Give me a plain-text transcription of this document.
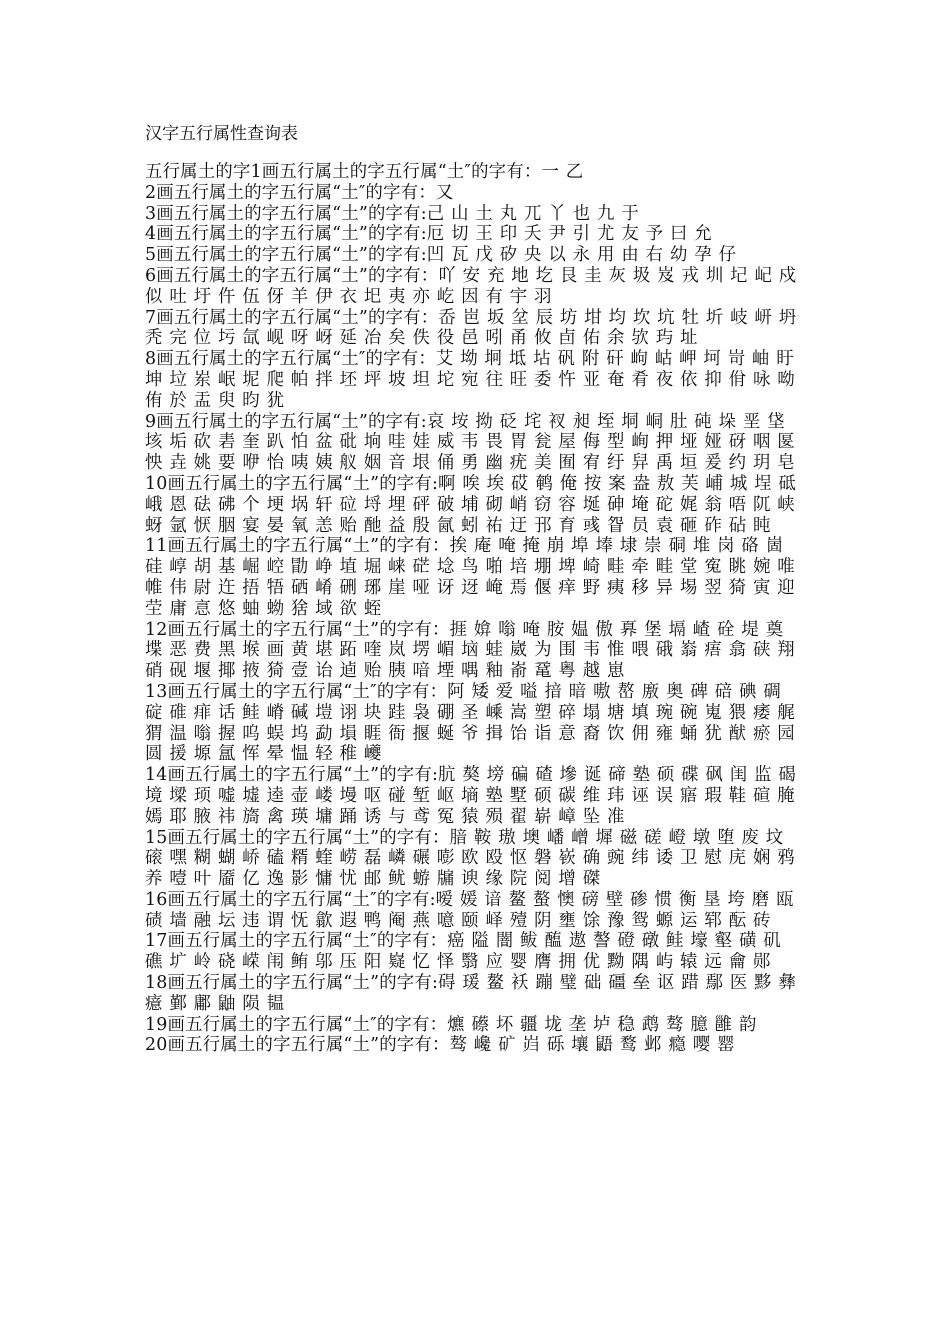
汉字五行属性查询表

五行属土的字1画五行属土的字五行属“土″的字有：一 乙

2画五行属土的字五行属“土″的字有：又

3画五行属土的字五行属“土”的字有:己 山 土 丸 兀 丫 也 九 于

4画五行属土的字五行属“土”的字有:厄 切 王 印 夭 尹 引 尤 友 予 曰 允

5画五行属土的字五行属“土”的字有:凹 瓦 戊 矽 央 以 永 用 由 右 幼 孕 仔

6画五行属土的字五行属“土”的字有：吖 安 充 地 圪 艮 圭 灰 圾 岌 戎 圳 圮 屺 戍 似 吐 圩 仵 伍 伢 羊 伊 衣 圯 夷 亦 屹 因 有 宇 羽

7画五行属土的字五行属“土”的字有：岙 岜 坂 坌 辰 坊 坩 均 坎 坑 牡 圻 岐 岍 坍 秃 完 位 圬 氙 岘 呀 岈 延 冶 矣 佚 役 邑 吲 甬 攸 卣 佑 余 欤 玙 址

8画五行属土的字五行属“土″的字有：艾 坳 坰 坻 坫 矾 附 矸 岣 岵 岬 坷 岢 岫 盱 坤 垃 岽 岷 坭 爬 帕 拌 坯 坪 坡 坦 坨 宛 往 旺 委 忤 亚 奄 肴 夜 依 抑 佾 咏 呦 侑 於 盂 臾 昀 犹

9画五行属土的字五行属“土”的字有:哀 垵 拗 砭 垞 衩 昶 垤 垌 峒 肚 砘 垛 垩 垡 垓 垢 砍 砉 奎 趴 怕 盆 砒 垧 哇 娃 威 韦 畏 胃 瓮 屋 侮 型 峋 押 垭 娅 砑 咽 匽 怏 垚 姚 要 咿 怡 咦 姨 舣 姻 音 垠 俑 勇 幽 疣 美 囿 宥 纡 舁 禹 垣 爰 约 玥 皂

10画五行属土的字五行属“土”的字有:啊 唉 埃 砹 鹌 俺 按 案 盎 敖 芙 峬 城 埕 砥 峨 恩 砝 砩 个 埂 埚 轩 砬 埒 埋 砰 破 埔 砌 峭 窃 容 埏 砷 埯 砣 娓 翁 唔 阢 峡 蚜 氩 恹 胭 宴 晏 氧 恙 贻 酏 益 殷 氤 蚓 祐 迂 邘 育 彧 眢 员 袁 砸 砟 砧 盹

11画五行属土的字五行属“土”的字有：挨 庵 唵 掩 崩 埠 埲 埭 崇 硐 堆 岗 硌 崮 硅 崞 胡 基 崛 崆 勖 峥 埴 堀 崃 硭 埝 鸟 啪 培 堋 埤 崎 畦 牵 畦 堂 寃 眺 婉 唯 帷 伟 尉 迕 捂 牾 硒 崤 硎 琊 崖 哑 讶 迓 崦 焉 偃 痒 野 痍 移 异 埸 翌 猗 寅 迎 茔 庸 悥 悠 蚰 蚴 猞 域 欲 蛭

12画五行属土的字五行属“土”的字有：捱 媕 嗡 唵 胺 媪 傲 奡 堡 塥 嵖 硂 堤 奠 堞 恶 费 黑 堠 画 黄 堪 跖 喹 岚 塄 嵋 垴 蛙 崴 为 围 韦 惟 喂 硪 嵡 痦 翕 硖 翔 硝 砚 堰 揶 掖 猗 壹 诒 逌 贻 胰 喑 堙 喁 釉 嵛 鼋 粤 越 崽

13画五行属土的字五行属“土″的字有：阿 矮 爱 嗌 揞 暗 嗷 嶅 廒 奥 碑 碚 碘 碉 碇 碓 痱 话 鲑 嵴 碱 塏 诩 块 跬 袅 硼 圣 嵊 嵩 塑 碎 塌 塘 填 琬 碗 嵬 猥 痿 艉 猬 温 嗡 握 呜 蜈 坞 勐 塤 睚 衙 揠 蜒 爷 揖 饴 诣 意 裔 饮 佣 雍 蛹 犹 猷 瘀 园 圆 援 塬 氲 恽 晕 愠 轻 稚 巙

14画五行属土的字五行属“土”的字有:肮 獒 塝 碥 碴 墋 诞 碲 塾 硕 碟 砜 闺 监 碣 境 墚 顼 嘘 墟 逵 壶 嵝 墁 呕 碰 堑 岖 墒 塾 墅 硕 碳 维 玮 诬 误 寤 瑕 鞋 碹 腌 嫣 耶 腋 祎 旖 禽 瑛 墉 踊 诱 与 鸢 冤 猿 殒 翟 崭 嶂 坠 准

15画五行属土的字五行属“土”的字有：腤 鞍 璈 墺 嶓 嶒 墀 磁 磋 嶝 墩 堕 废 坟 磙 嘿 糊 蝴 峤 磕 糈 蝰 崂 磊 嶙 碾 嘭 欧 殴 怄 磐 嵚 确 豌 纬 诿 卫 慰 庑 娴 鸦 养 噎 叶 靥 亿 逸 影 慵 忧 邮 鱿 蝣 牖 谀 缘 院 阅 增 磔

16画五行属土的字五行属“土″的字有:嗳 媛 谙 鳌 螯 懊 磅 壁 碜 惯 衡 垦 垮 磨 瓯 碛 墙 融 坛 违 谓 怃 歙 遐 鸭 阉 燕 噫 颐 峄 殪 阴 壅 馀 豫 鸳 螈 运 郓 酝 砖

17画五行属土的字五行属“土″的字有：癌 隘 闇 鲅 醢 遨 謷 磴 礅 鲑 壕 壑 磺 矶 礁 圹 岭 硗 嵘 闱 鲔 邬 压 阳 嶷 忆 怿 翳 应 婴 膺 拥 优 黝 隅 屿 辕 远 龠 郧

18画五行属土的字五行属“土”的字有:碍 瑗 鳌 袄 蹦 璧 础 礓 垒 讴 踖 鄢 医 黟 彝 癔 鄞 鄘 鼬 陨 韫

19画五行属土的字五行属“土″的字有：爊 礤 坏 疆 垅 垄 垆 稳 鹉 骜 臆 雝 韵

20画五行属土的字五行属“土”的字有：骜 巉 矿 岿 砾 壤 鼯 鹜 邺 瘾 嘤 罂
